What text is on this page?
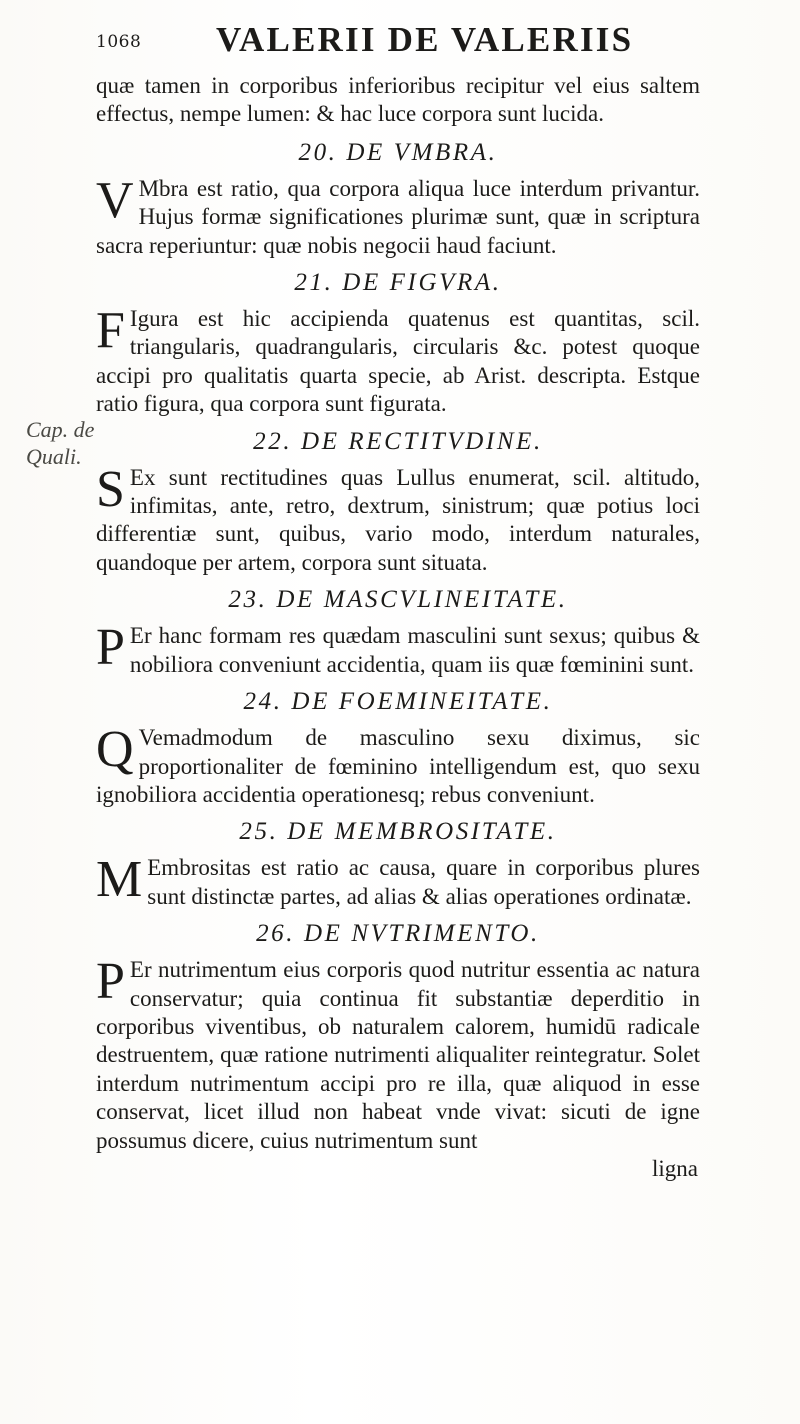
1068 VALERII DE VALERIIS
Cap. de Quali.

quæ tamen in corporibus inferioribus recipitur vel eius saltem effectus, nempe lumen: & hac luce corpora sunt lucida.

20. DE VMBRA.

V Mbra est ratio, qua corpora aliqua luce interdum privantur. Hujus formæ significationes plurimæ sunt, quæ in scriptura sacra reperiuntur: quæ nobis negocii haud faciunt.

21. DE FIGVRA.

F Igura est hic accipienda quatenus est quantitas, scil. triangularis, quadrangularis, circularis &c. potest quoque accipi pro qualitatis quarta specie, ab Arist. descripta. Estque ratio figura, qua corpora sunt figurata.

22. DE RECTITVDINE.

S Ex sunt rectitudines quas Lullus enumerat, scil. altitudo, infimitas, ante, retro, dextrum, sinistrum; quæ potius loci differentiæ sunt, quibus, vario modo, interdum naturales, quandoque per artem, corpora sunt situata.

23. DE MASCVLINEITATE.

P Er hanc formam res quædam masculini sunt sexus; quibus & nobiliora conveniunt accidentia, quam iis quæ fœminini sunt.

24. DE FOEMINEITATE.

Q Vemadmodum de masculino sexu diximus, sic proportionaliter de fœminino intelligendum est, quo sexu ignobiliora accidentia operationesq; rebus conveniunt.

25. DE MEMBROSITATE.

M Embrositas est ratio ac causa, quare in corporibus plures sunt distinctæ partes, ad alias & alias operationes ordinatæ.

26. DE NVTRIMENTO.

P Er nutrimentum eius corporis quod nutritur essentia ac natura conservatur; quia continua fit substantiæ deperditio in corporibus viventibus, ob naturalem calorem, humidū radicale destruentem, quæ ratione nutrimenti aliqualiter reintegratur. Solet interdum nutrimentum accipi pro re illa, quæ aliquod in esse conservat, licet illud non habeat vnde vivat: sicuti de igne possumus dicere, cuius nutrimentum sunt

ligna
